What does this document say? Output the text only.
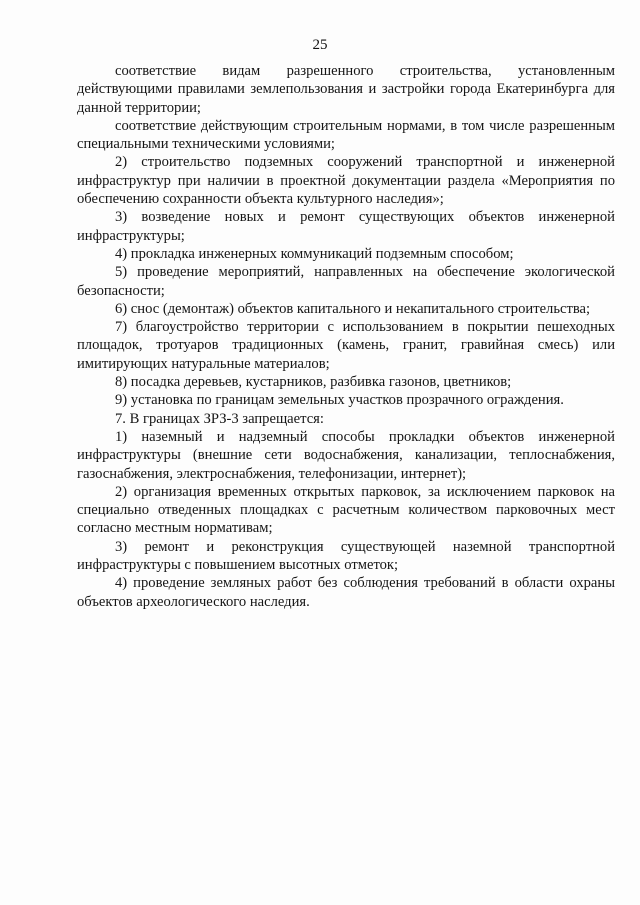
25

соответствие видам разрешенного строительства, установленным действующими правилами землепользования и застройки города Екатеринбурга для данной территории;

соответствие действующим строительным нормами, в том числе разрешенным специальными техническими условиями;

2) строительство подземных сооружений транспортной и инженерной инфраструктур при наличии в проектной документации раздела «Мероприятия по обеспечению сохранности объекта культурного наследия»;

3) возведение новых и ремонт существующих объектов инженерной инфраструктуры;

4) прокладка инженерных коммуникаций подземным способом;

5) проведение мероприятий, направленных на обеспечение экологической безопасности;

6) снос (демонтаж) объектов капитального и некапитального строительства;

7) благоустройство территории с использованием в покрытии пешеходных площадок, тротуаров традиционных (камень, гранит, гравийная смесь) или имитирующих натуральные материалов;

8) посадка деревьев, кустарников, разбивка газонов, цветников;

9) установка по границам земельных участков прозрачного ограждения.

7. В границах ЗРЗ-3 запрещается:

1) наземный и надземный способы прокладки объектов инженерной инфраструктуры (внешние сети водоснабжения, канализации, теплоснабжения, газоснабжения, электроснабжения, телефонизации, интернет);

2) организация временных открытых парковок, за исключением парковок на специально отведенных площадках с расчетным количеством парковочных мест согласно местным нормативам;

3) ремонт и реконструкция существующей наземной транспортной инфраструктуры с повышением высотных отметок;

4) проведение земляных работ без соблюдения требований в области охраны объектов археологического наследия.
